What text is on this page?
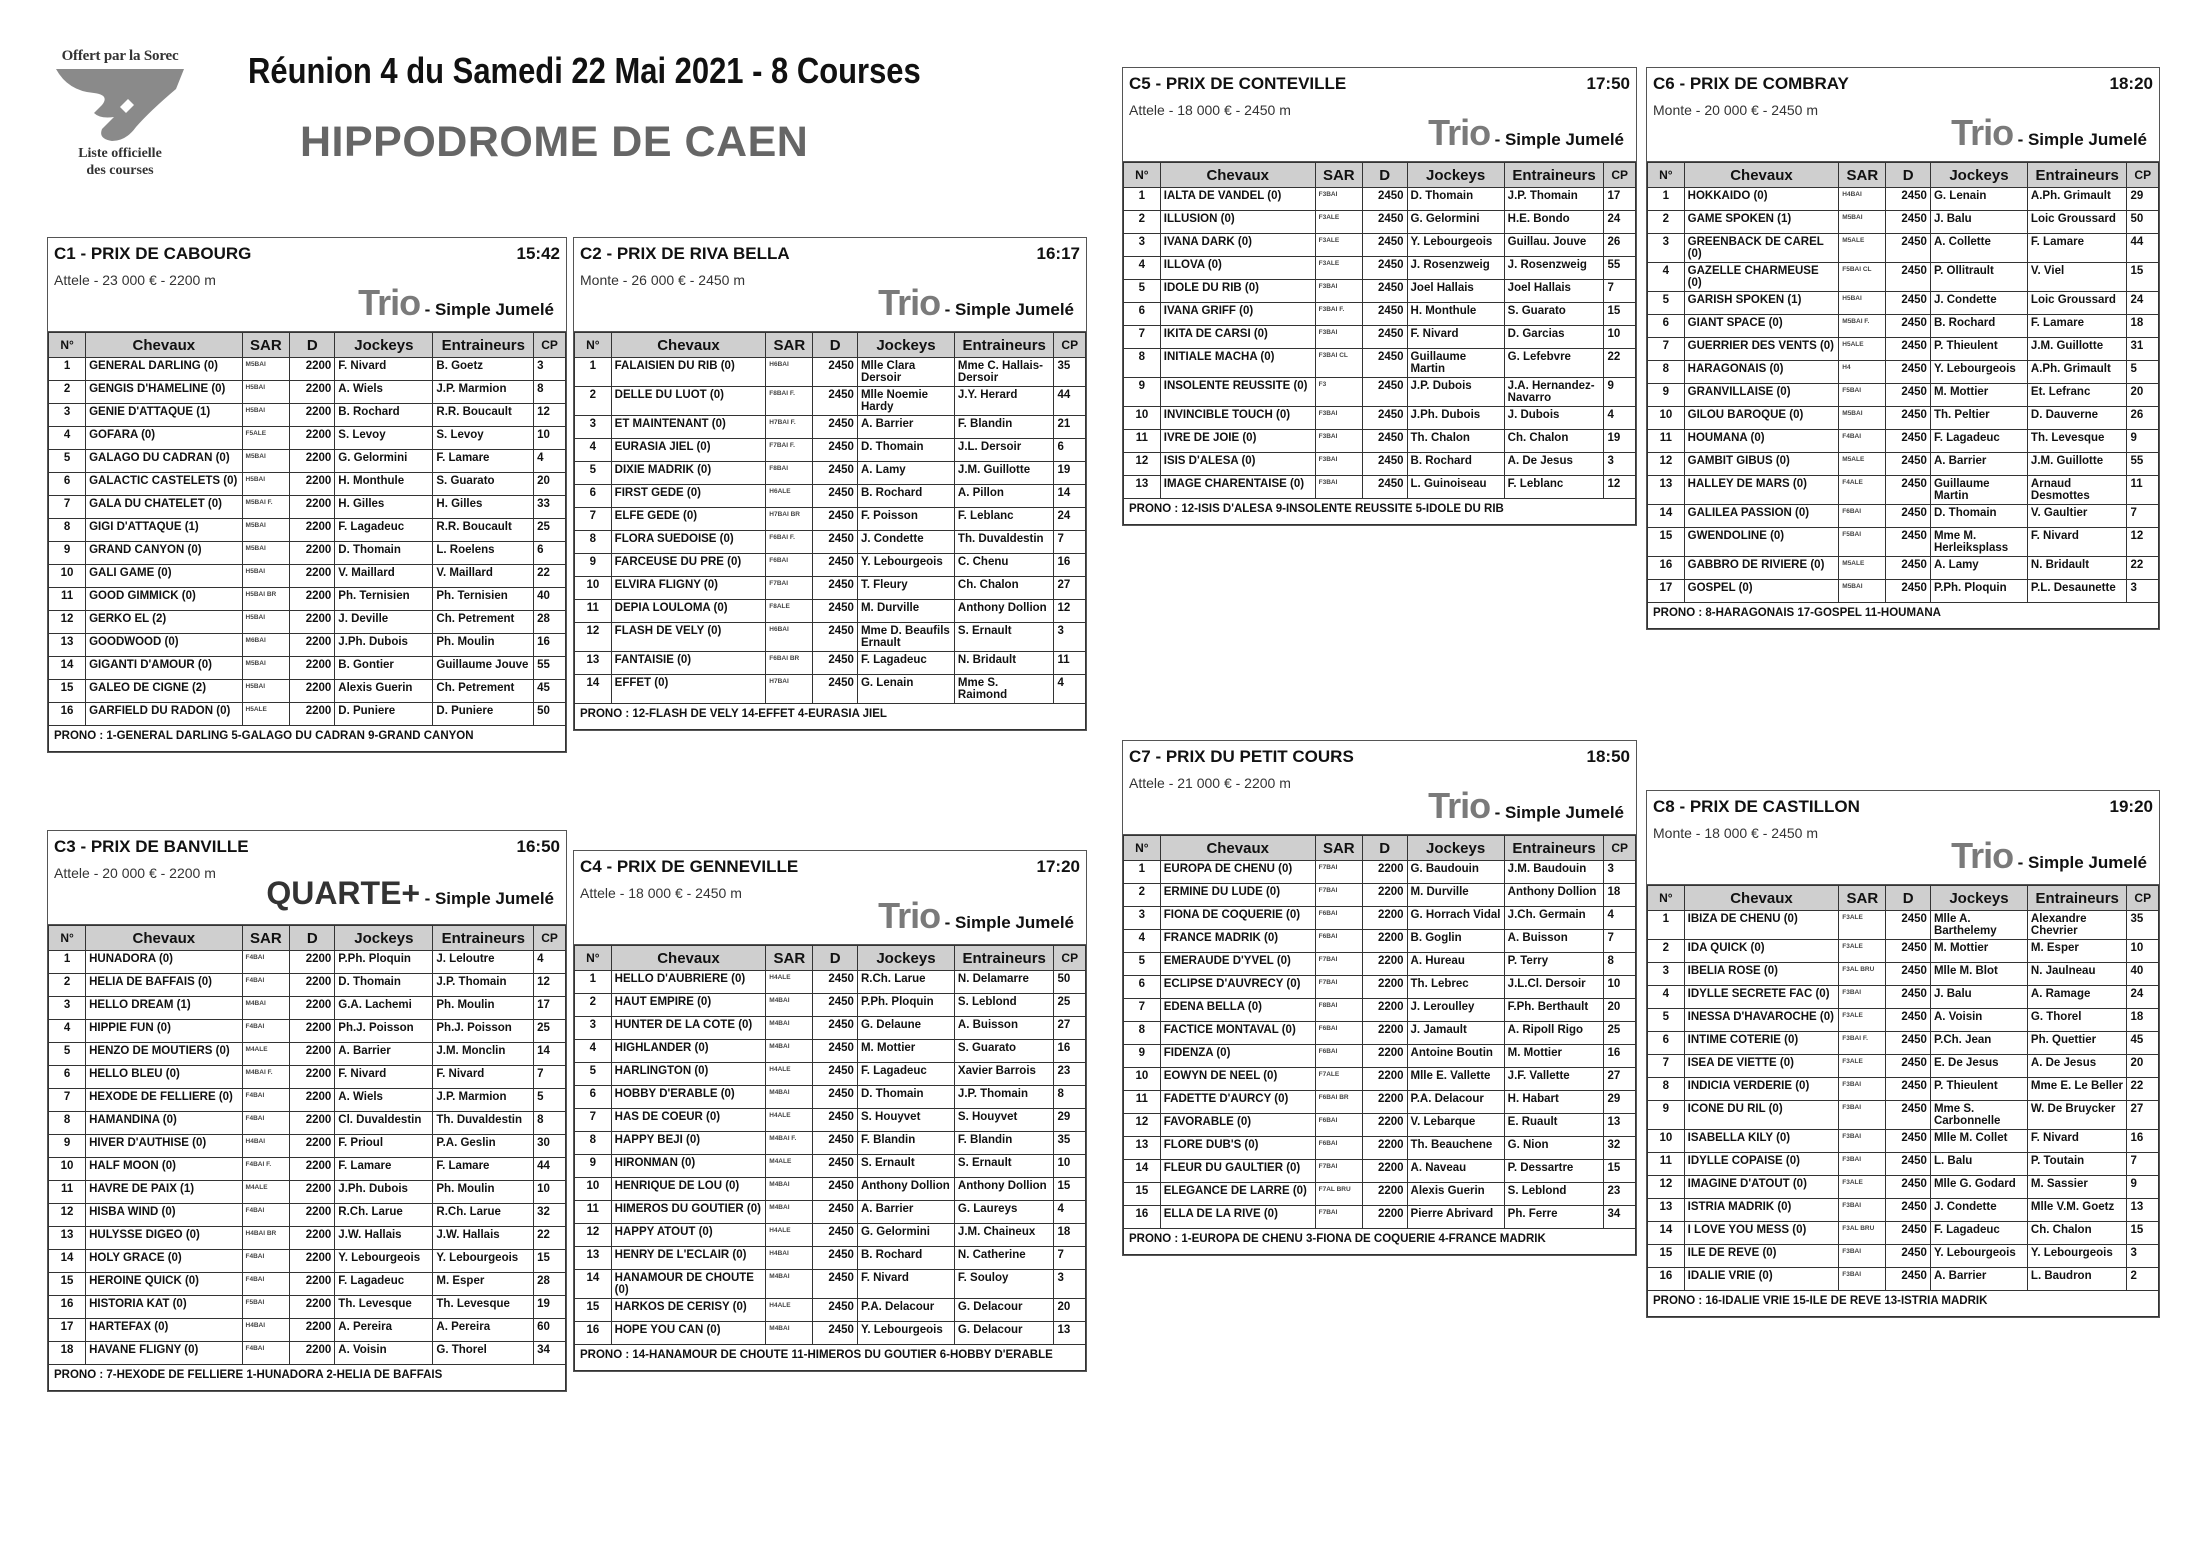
Offert par la Sorec
Liste officielle
des courses
Réunion 4 du Samedi 22 Mai 2021 - 8 Courses
HIPPODROME DE CAEN
C1 - PRIX DE CABOURG	15:42
Attele - 23 000 € - 2200 m
Trio - Simple Jumelé
N°	Chevaux	SAR	D	Jockeys	Entraineurs	CP
1	GENERAL DARLING (0)	M5BAI	2200	F. Nivard	B. Goetz	3
2	GENGIS D'HAMELINE (0)	H5BAI	2200	A. Wiels	J.P. Marmion	8
3	GENIE D'ATTAQUE (1)	H5BAI	2200	B. Rochard	R.R. Boucault	12
4	GOFARA (0)	F5ALE	2200	S. Levoy	S. Levoy	10
5	GALAGO DU CADRAN (0)	M5BAI	2200	G. Gelormini	F. Lamare	4
6	GALACTIC CASTELETS (0)	H5BAI	2200	H. Monthule	S. Guarato	20
7	GALA DU CHATELET (0)	M5BAI F.	2200	H. Gilles	H. Gilles	33
8	GIGI D'ATTAQUE (1)	M5BAI	2200	F. Lagadeuc	R.R. Boucault	25
9	GRAND CANYON (0)	M5BAI	2200	D. Thomain	L. Roelens	6
10	GALI GAME (0)	H5BAI	2200	V. Maillard	V. Maillard	22
11	GOOD GIMMICK (0)	H5BAI BR	2200	Ph. Ternisien	Ph. Ternisien	40
12	GERKO EL (2)	H5BAI	2200	J. Deville	Ch. Petrement	28
13	GOODWOOD (0)	M6BAI	2200	J.Ph. Dubois	Ph. Moulin	16
14	GIGANTI D'AMOUR (0)	M5BAI	2200	B. Gontier	Guillaume Jouve	55
15	GALEO DE CIGNE (2)	H5BAI	2200	Alexis Guerin	Ch. Petrement	45
16	GARFIELD DU RADON (0)	H5ALE	2200	D. Puniere	D. Puniere	50
PRONO : 1-GENERAL DARLING 5-GALAGO DU CADRAN 9-GRAND CANYON						
C2 - PRIX DE RIVA BELLA	16:17
Monte - 26 000 € - 2450 m
Trio - Simple Jumelé
N°	Chevaux	SAR	D	Jockeys	Entraineurs	CP
1	FALAISIEN DU RIB (0)	H6BAI	2450	Mlle Clara Dersoir	Mme C. Hallais-Dersoir	35
2	DELLE DU LUOT (0)	F8BAI F.	2450	Mlle Noemie Hardy	J.Y. Herard	44
3	ET MAINTENANT (0)	H7BAI F.	2450	A. Barrier	F. Blandin	21
4	EURASIA JIEL (0)	F7BAI F.	2450	D. Thomain	J.L. Dersoir	6
5	DIXIE MADRIK (0)	F8BAI	2450	A. Lamy	J.M. Guillotte	19
6	FIRST GEDE (0)	H6ALE	2450	B. Rochard	A. Pillon	14
7	ELFE GEDE (0)	H7BAI BR	2450	F. Poisson	F. Leblanc	24
8	FLORA SUEDOISE (0)	F6BAI F.	2450	J. Condette	Th. Duvaldestin	7
9	FARCEUSE DU PRE (0)	F6BAI	2450	Y. Lebourgeois	C. Chenu	16
10	ELVIRA FLIGNY (0)	F7BAI	2450	T. Fleury	Ch. Chalon	27
11	DEPIA LOULOMA (0)	F8ALE	2450	M. Durville	Anthony Dollion	12
12	FLASH DE VELY (0)	H6BAI	2450	Mme D. Beaufils Ernault	S. Ernault	3
13	FANTAISIE (0)	F6BAI BR	2450	F. Lagadeuc	N. Bridault	11
14	EFFET (0)	H7BAI	2450	G. Lenain	Mme S. Raimond	4
PRONO : 12-FLASH DE VELY 14-EFFET 4-EURASIA JIEL						
C3 - PRIX DE BANVILLE	16:50
Attele - 20 000 € - 2200 m
QUARTE+ - Simple Jumelé
N°	Chevaux	SAR	D	Jockeys	Entraineurs	CP
1	HUNADORA (0)	F4BAI	2200	P.Ph. Ploquin	J. Leloutre	4
2	HELIA DE BAFFAIS (0)	F4BAI	2200	D. Thomain	J.P. Thomain	12
3	HELLO DREAM (1)	M4BAI	2200	G.A. Lachemi	Ph. Moulin	17
4	HIPPIE FUN (0)	F4BAI	2200	Ph.J. Poisson	Ph.J. Poisson	25
5	HENZO DE MOUTIERS (0)	M4ALE	2200	A. Barrier	J.M. Monclin	14
6	HELLO BLEU (0)	M4BAI F.	2200	F. Nivard	F. Nivard	7
7	HEXODE DE FELLIERE (0)	F4BAI	2200	A. Wiels	J.P. Marmion	5
8	HAMANDINA (0)	F4BAI	2200	Cl. Duvaldestin	Th. Duvaldestin	8
9	HIVER D'AUTHISE (0)	H4BAI	2200	F. Prioul	P.A. Geslin	30
10	HALF MOON (0)	F4BAI F.	2200	F. Lamare	F. Lamare	44
11	HAVRE DE PAIX (1)	M4ALE	2200	J.Ph. Dubois	Ph. Moulin	10
12	HISBA WIND (0)	F4BAI	2200	R.Ch. Larue	R.Ch. Larue	32
13	HULYSSE DIGEO (0)	H4BAI BR	2200	J.W. Hallais	J.W. Hallais	22
14	HOLY GRACE (0)	F4BAI	2200	Y. Lebourgeois	Y. Lebourgeois	15
15	HEROINE QUICK (0)	F4BAI	2200	F. Lagadeuc	M. Esper	28
16	HISTORIA KAT (0)	F5BAI	2200	Th. Levesque	Th. Levesque	19
17	HARTEFAX (0)	H4BAI	2200	A. Pereira	A. Pereira	60
18	HAVANE FLIGNY (0)	F4BAI	2200	A. Voisin	G. Thorel	34
PRONO : 7-HEXODE DE FELLIERE 1-HUNADORA 2-HELIA DE BAFFAIS						
C4 - PRIX DE GENNEVILLE	17:20
Attele - 18 000 € - 2450 m
Trio - Simple Jumelé
N°	Chevaux	SAR	D	Jockeys	Entraineurs	CP
1	HELLO D'AUBRIERE (0)	H4ALE	2450	R.Ch. Larue	N. Delamarre	50
2	HAUT EMPIRE (0)	M4BAI	2450	P.Ph. Ploquin	S. Leblond	25
3	HUNTER DE LA COTE (0)	M4BAI	2450	G. Delaune	A. Buisson	27
4	HIGHLANDER (0)	M4BAI	2450	M. Mottier	S. Guarato	16
5	HARLINGTON (0)	H4ALE	2450	F. Lagadeuc	Xavier Barrois	23
6	HOBBY D'ERABLE (0)	M4BAI	2450	D. Thomain	J.P. Thomain	8
7	HAS DE COEUR (0)	H4ALE	2450	S. Houyvet	S. Houyvet	29
8	HAPPY BEJI (0)	M4BAI F.	2450	F. Blandin	F. Blandin	35
9	HIRONMAN (0)	M4ALE	2450	S. Ernault	S. Ernault	10
10	HENRIQUE DE LOU (0)	M4BAI	2450	Anthony Dollion	Anthony Dollion	15
11	HIMEROS DU GOUTIER (0)	M4BAI	2450	A. Barrier	G. Laureys	4
12	HAPPY ATOUT (0)	H4ALE	2450	G. Gelormini	J.M. Chaineux	18
13	HENRY DE L'ECLAIR (0)	H4BAI	2450	B. Rochard	N. Catherine	7
14	HANAMOUR DE CHOUTE (0)	M4BAI	2450	F. Nivard	F. Souloy	3
15	HARKOS DE CERISY (0)	H4ALE	2450	P.A. Delacour	G. Delacour	20
16	HOPE YOU CAN (0)	M4BAI	2450	Y. Lebourgeois	G. Delacour	13
PRONO : 14-HANAMOUR DE CHOUTE 11-HIMEROS DU GOUTIER 6-HOBBY D'ERABLE						
C5 - PRIX DE CONTEVILLE	17:50
Attele - 18 000 € - 2450 m
Trio - Simple Jumelé
N°	Chevaux	SAR	D	Jockeys	Entraineurs	CP
1	IALTA DE VANDEL (0)	F3BAI	2450	D. Thomain	J.P. Thomain	17
2	ILLUSION (0)	F3ALE	2450	G. Gelormini	H.E. Bondo	24
3	IVANA DARK (0)	F3ALE	2450	Y. Lebourgeois	Guillau. Jouve	26
4	ILLOVA (0)	F3ALE	2450	J. Rosenzweig	J. Rosenzweig	55
5	IDOLE DU RIB (0)	F3BAI	2450	Joel Hallais	Joel Hallais	7
6	IVANA GRIFF (0)	F3BAI F.	2450	H. Monthule	S. Guarato	15
7	IKITA DE CARSI (0)	F3BAI	2450	F. Nivard	D. Garcias	10
8	INITIALE MACHA (0)	F3BAI CL	2450	Guillaume Martin	G. Lefebvre	22
9	INSOLENTE REUSSITE (0)	F3	2450	J.P. Dubois	J.A. Hernandez-Navarro	9
10	INVINCIBLE TOUCH (0)	F3BAI	2450	J.Ph. Dubois	J. Dubois	4
11	IVRE DE JOIE (0)	F3BAI	2450	Th. Chalon	Ch. Chalon	19
12	ISIS D'ALESA (0)	F3BAI	2450	B. Rochard	A. De Jesus	3
13	IMAGE CHARENTAISE (0)	F3BAI	2450	L. Guinoiseau	F. Leblanc	12
PRONO : 12-ISIS D'ALESA 9-INSOLENTE REUSSITE 5-IDOLE DU RIB						
C6 - PRIX DE COMBRAY	18:20
Monte - 20 000 € - 2450 m
Trio - Simple Jumelé
N°	Chevaux	SAR	D	Jockeys	Entraineurs	CP
1	HOKKAIDO (0)	H4BAI	2450	G. Lenain	A.Ph. Grimault	29
2	GAME SPOKEN (1)	M5BAI	2450	J. Balu	Loic Groussard	50
3	GREENBACK DE CAREL (0)	M5ALE	2450	A. Collette	F. Lamare	44
4	GAZELLE CHARMEUSE (0)	F5BAI CL	2450	P. Ollitrault	V. Viel	15
5	GARISH SPOKEN (1)	H5BAI	2450	J. Condette	Loic Groussard	24
6	GIANT SPACE (0)	M5BAI F.	2450	B. Rochard	F. Lamare	18
7	GUERRIER DES VENTS (0)	H5ALE	2450	P. Thieulent	J.M. Guillotte	31
8	HARAGONAIS (0)	H4	2450	Y. Lebourgeois	A.Ph. Grimault	5
9	GRANVILLAISE (0)	F5BAI	2450	M. Mottier	Et. Lefranc	20
10	GILOU BAROQUE (0)	M5BAI	2450	Th. Peltier	D. Dauverne	26
11	HOUMANA (0)	F4BAI	2450	F. Lagadeuc	Th. Levesque	9
12	GAMBIT GIBUS (0)	M5ALE	2450	A. Barrier	J.M. Guillotte	55
13	HALLEY DE MARS (0)	F4ALE	2450	Guillaume Martin	Arnaud Desmottes	11
14	GALILEA PASSION (0)	F6BAI	2450	D. Thomain	V. Gaultier	7
15	GWENDOLINE (0)	F5BAI	2450	Mme M. Herleiksplass	F. Nivard	12
16	GABBRO DE RIVIERE (0)	M5ALE	2450	A. Lamy	N. Bridault	22
17	GOSPEL (0)	M5BAI	2450	P.Ph. Ploquin	P.L. Desaunette	3
PRONO : 8-HARAGONAIS 17-GOSPEL 11-HOUMANA						
C7 - PRIX DU PETIT COURS	18:50
Attele - 21 000 € - 2200 m
Trio - Simple Jumelé
N°	Chevaux	SAR	D	Jockeys	Entraineurs	CP
1	EUROPA DE CHENU (0)	F7BAI	2200	G. Baudouin	J.M. Baudouin	3
2	ERMINE DU LUDE (0)	F7BAI	2200	M. Durville	Anthony Dollion	18
3	FIONA DE COQUERIE (0)	F6BAI	2200	G. Horrach Vidal	J.Ch. Germain	4
4	FRANCE MADRIK (0)	F6BAI	2200	B. Goglin	A. Buisson	7
5	EMERAUDE D'YVEL (0)	F7BAI	2200	A. Hureau	P. Terry	8
6	ECLIPSE D'AUVRECY (0)	F7BAI	2200	Th. Lebrec	J.L.Cl. Dersoir	10
7	EDENA BELLA (0)	F8BAI	2200	J. Leroulley	F.Ph. Berthault	20
8	FACTICE MONTAVAL (0)	F6BAI	2200	J. Jamault	A. Ripoll Rigo	25
9	FIDENZA (0)	F6BAI	2200	Antoine Boutin	M. Mottier	16
10	EOWYN DE NEEL (0)	F7ALE	2200	Mlle E. Vallette	J.F. Vallette	27
11	FADETTE D'AURCY (0)	F6BAI BR	2200	P.A. Delacour	H. Habart	29
12	FAVORABLE (0)	F6BAI	2200	V. Lebarque	E. Ruault	13
13	FLORE DUB'S (0)	F6BAI	2200	Th. Beauchene	G. Nion	32
14	FLEUR DU GAULTIER (0)	F7BAI	2200	A. Naveau	P. Dessartre	15
15	ELEGANCE DE LARRE (0)	F7AL BRU	2200	Alexis Guerin	S. Leblond	23
16	ELLA DE LA RIVE (0)	F7BAI	2200	Pierre Abrivard	Ph. Ferre	34
PRONO : 1-EUROPA DE CHENU 3-FIONA DE COQUERIE 4-FRANCE MADRIK						
C8 - PRIX DE CASTILLON	19:20
Monte - 18 000 € - 2450 m
Trio - Simple Jumelé
N°	Chevaux	SAR	D	Jockeys	Entraineurs	CP
1	IBIZA DE CHENU (0)	F3ALE	2450	Mlle A. Barthelemy	Alexandre Chevrier	35
2	IDA QUICK (0)	F3ALE	2450	M. Mottier	M. Esper	10
3	IBELIA ROSE (0)	F3AL BRU	2450	Mlle M. Blot	N. Jaulneau	40
4	IDYLLE SECRETE FAC (0)	F3BAI	2450	J. Balu	A. Ramage	24
5	INESSA D'HAVAROCHE (0)	F3ALE	2450	A. Voisin	G. Thorel	18
6	INTIME COTERIE (0)	F3BAI F.	2450	P.Ch. Jean	Ph. Quettier	45
7	ISEA DE VIETTE (0)	F3ALE	2450	E. De Jesus	A. De Jesus	20
8	INDICIA VERDERIE (0)	F3BAI	2450	P. Thieulent	Mme E. Le Beller	22
9	ICONE DU RIL (0)	F3BAI	2450	Mme S. Carbonnelle	W. De Bruycker	27
10	ISABELLA KILY (0)	F3BAI	2450	Mlle M. Collet	F. Nivard	16
11	IDYLLE COPAISE (0)	F3BAI	2450	L. Balu	P. Toutain	7
12	IMAGINE D'ATOUT (0)	F3ALE	2450	Mlle G. Godard	M. Sassier	9
13	ISTRIA MADRIK (0)	F3BAI	2450	J. Condette	Mlle V.M. Goetz	13
14	I LOVE YOU MESS (0)	F3AL BRU	2450	F. Lagadeuc	Ch. Chalon	15
15	ILE DE REVE (0)	F3BAI	2450	Y. Lebourgeois	Y. Lebourgeois	3
16	IDALIE VRIE (0)	F3BAI	2450	A. Barrier	L. Baudron	2
PRONO : 16-IDALIE VRIE 15-ILE DE REVE 13-ISTRIA MADRIK						
